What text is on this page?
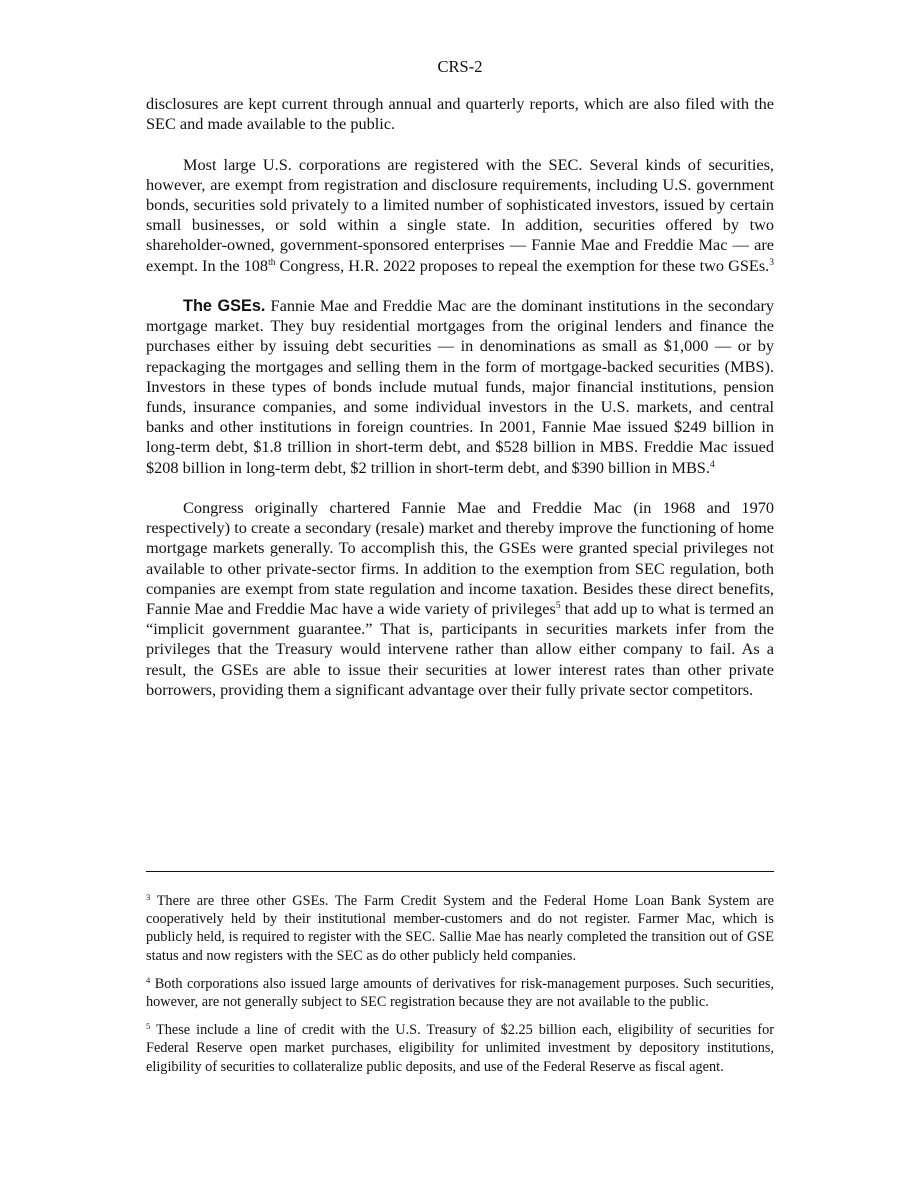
CRS-2

disclosures are kept current through annual and quarterly reports, which are also filed with the SEC and made available to the public.

Most large U.S. corporations are registered with the SEC. Several kinds of securities, however, are exempt from registration and disclosure requirements, including U.S. government bonds, securities sold privately to a limited number of sophisticated investors, issued by certain small businesses, or sold within a single state. In addition, securities offered by two shareholder-owned, government-sponsored enterprises — Fannie Mae and Freddie Mac — are exempt. In the 108th Congress, H.R. 2022 proposes to repeal the exemption for these two GSEs.$^3$

The GSEs. Fannie Mae and Freddie Mac are the dominant institutions in the secondary mortgage market. They buy residential mortgages from the original lenders and finance the purchases either by issuing debt securities — in denominations as small as $1,000 — or by repackaging the mortgages and selling them in the form of mortgage-backed securities (MBS). Investors in these types of bonds include mutual funds, major financial institutions, pension funds, insurance companies, and some individual investors in the U.S. markets, and central banks and other institutions in foreign countries. In 2001, Fannie Mae issued $249 billion in long-term debt, $1.8 trillion in short-term debt, and $528 billion in MBS. Freddie Mac issued $208 billion in long-term debt, $2 trillion in short-term debt, and $390 billion in MBS.$^4$

Congress originally chartered Fannie Mae and Freddie Mac (in 1968 and 1970 respectively) to create a secondary (resale) market and thereby improve the functioning of home mortgage markets generally. To accomplish this, the GSEs were granted special privileges not available to other private-sector firms. In addition to the exemption from SEC regulation, both companies are exempt from state regulation and income taxation. Besides these direct benefits, Fannie Mae and Freddie Mac have a wide variety of privileges$^5$ that add up to what is termed an “implicit government guarantee.” That is, participants in securities markets infer from the privileges that the Treasury would intervene rather than allow either company to fail. As a result, the GSEs are able to issue their securities at lower interest rates than other private borrowers, providing them a significant advantage over their fully private sector competitors.

$^3$ There are three other GSEs. The Farm Credit System and the Federal Home Loan Bank System are cooperatively held by their institutional member-customers and do not register. Farmer Mac, which is publicly held, is required to register with the SEC. Sallie Mae has nearly completed the transition out of GSE status and now registers with the SEC as do other publicly held companies.

$^4$ Both corporations also issued large amounts of derivatives for risk-management purposes. Such securities, however, are not generally subject to SEC registration because they are not available to the public.

$^5$ These include a line of credit with the U.S. Treasury of $2.25 billion each, eligibility of securities for Federal Reserve open market purchases, eligibility for unlimited investment by depository institutions, eligibility of securities to collateralize public deposits, and use of the Federal Reserve as fiscal agent.
